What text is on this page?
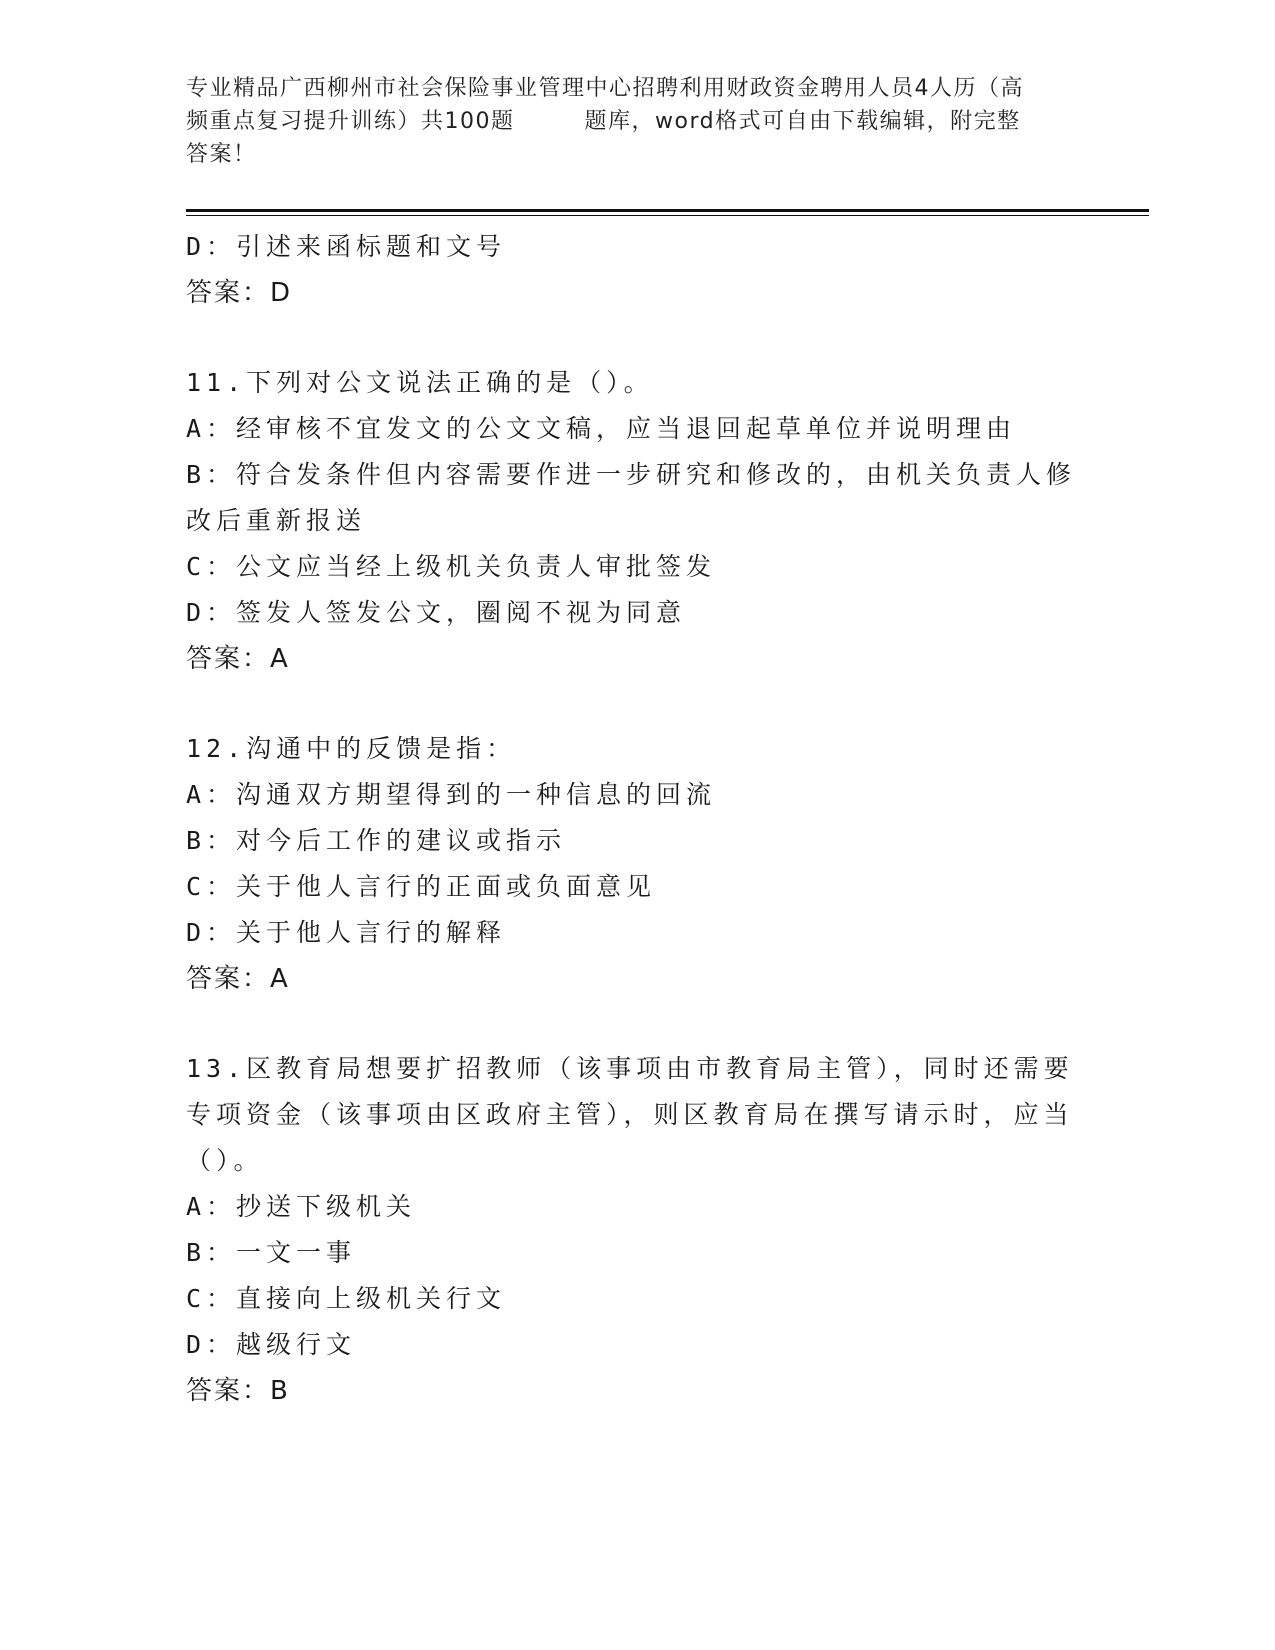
专业精品广西柳州市社会保险事业管理中心招聘利用财政资金聘用人员4人历（高
频重点复习提升训练）共100题	题库，word格式可自由下载编辑，附完整
答案！
D：引述来函标题和文号
答案：D
11.下列对公文说法正确的是（）。
A：经审核不宜发文的公文文稿，应当退回起草单位并说明理由
B：符合发条件但内容需要作进一步研究和修改的，由机关负责人修改后重新报送
C：公文应当经上级机关负责人审批签发
D：签发人签发公文，圈阅不视为同意
答案：A
12.沟通中的反馈是指：
A：沟通双方期望得到的一种信息的回流
B：对今后工作的建议或指示
C：关于他人言行的正面或负面意见
D：关于他人言行的解释
答案：A
13.区教育局想要扩招教师（该事项由市教育局主管），同时还需要专项资金（该事项由区政府主管），则区教育局在撰写请示时，应当（）。
A：抄送下级机关
B：一文一事
C：直接向上级机关行文
D：越级行文
答案：B
